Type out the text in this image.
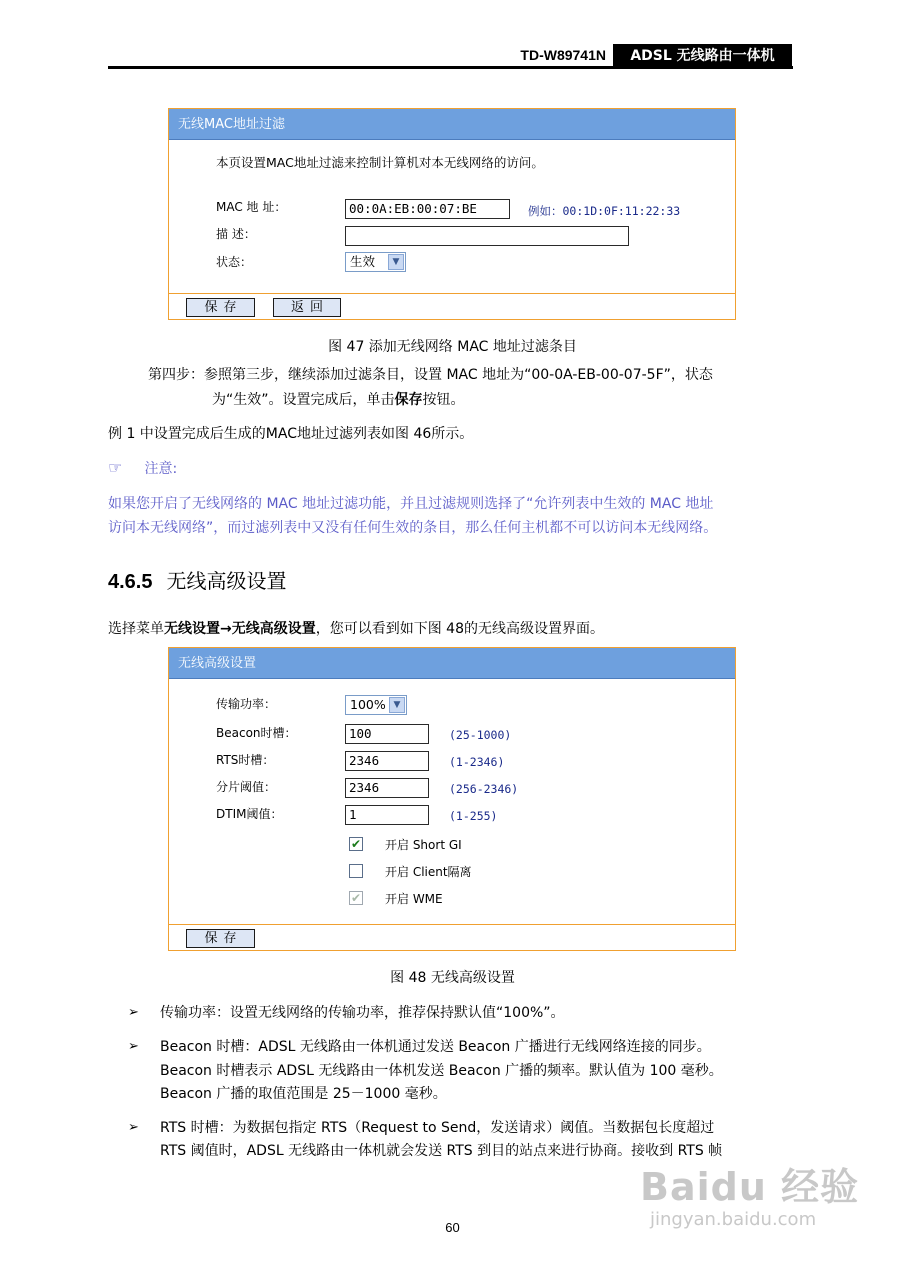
TD-W89741N	ADSL 无线路由一体机
无线MAC地址过滤
本页设置MAC地址过滤来控制计算机对本无线网络的访问。
MAC 地 址：	00:0A:EB:00:07:BE	例如：00:1D:0F:11:22:33
描 述：
状态：	生效	▼
保存	返回
图 47 添加无线网络 MAC 地址过滤条目
第四步：参照第三步，继续添加过滤条目，设置 MAC 地址为“00-0A-EB-00-07-5F”，状态
为“生效”。设置完成后，单击保存按钮。
例 1 中设置完成后生成的MAC地址过滤列表如图 46所示。
☞ 注意:
如果您开启了无线网络的 MAC 地址过滤功能，并且过滤规则选择了“允许列表中生效的 MAC 地址
访问本无线网络”，而过滤列表中又没有任何生效的条目，那么任何主机都不可以访问本无线网络。
4.6.5 无线高级设置
选择菜单无线设置→无线高级设置，您可以看到如下图 48的无线高级设置界面。
无线高级设置
传输功率：	100% ▼
Beacon时槽：	100	(25-1000)
RTS时槽：	2346	(1-2346)
分片阈值：	2346	(256-2346)
DTIM阈值：	1	(1-255)
✔ 开启 Short GI
开启 Client隔离
✔ 开启 WME
保存
图 48 无线高级设置
➢ 传输功率：设置无线网络的传输功率，推荐保持默认值“100%”。
➢ Beacon 时槽：ADSL 无线路由一体机通过发送 Beacon 广播进行无线网络连接的同步。
Beacon 时槽表示 ADSL 无线路由一体机发送 Beacon 广播的频率。默认值为 100 毫秒。
Beacon 广播的取值范围是 25－1000 毫秒。
➢ RTS 时槽：为数据包指定 RTS（Request to Send，发送请求）阈值。当数据包长度超过
RTS 阈值时，ADSL 无线路由一体机就会发送 RTS 到目的站点来进行协商。接收到 RTS 帧
Baidu 经验
jingyan.baidu.com
60
